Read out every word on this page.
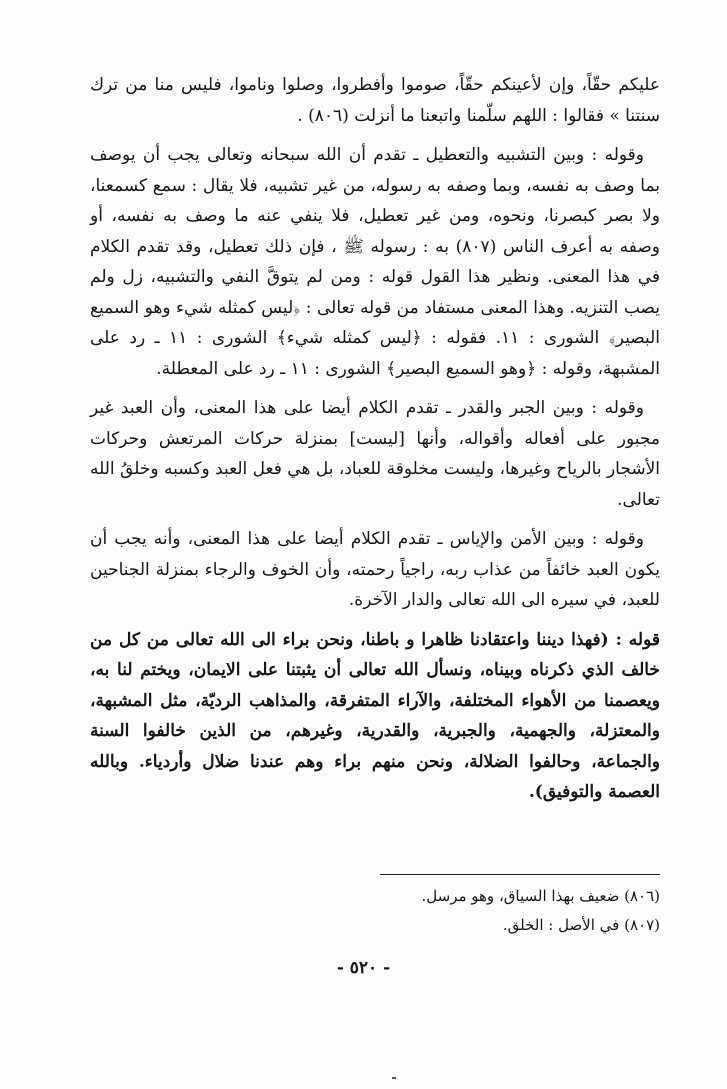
عليكم حقّاً، وإن لأعينكم حقّاً، صوموا وأفطروا، وصلوا وناموا، فليس منا من ترك سنتنا » فقالوا : اللهم سلّمنا واتبعنا ما أنزلت (٨٠٦) .

وقوله : وبين التشبيه والتعطيل ـ تقدم أن الله سبحانه وتعالى يجب أن يوصف بما وصف به نفسه، وبما وصفه به رسوله، من غير تشبيه، فلا يقال : سمع كسمعنا، ولا بصر كبصرنا، ونحوه، ومن غير تعطيل، فلا ينفي عنه ما وصف به نفسه، أو وصفه به أعرف الناس (٨٠٧) به : رسوله ﷺ ، فإن ذلك تعطيل، وقد تقدم الكلام في هذا المعنى. ونظير هذا القول قوله : ومن لم يتوقَّ النفي والتشبيه، زل ولم يصب التنزيه. وهذا المعنى مستفاد من قوله تعالى : ﴿ليس كمثله شيء وهو السميع البصير﴾ الشورى : ١١. فقوله : ﴿ليس كمثله شيء﴾ الشورى : ١١ ـ رد على المشبهة، وقوله : ﴿وهو السميع البصير﴾ الشورى : ١١ ـ رد على المعطلة.

وقوله : وبين الجبر والقدر ـ تقدم الكلام أيضا على هذا المعنى، وأن العبد غير مجبور على أفعاله وأقواله، وأنها [ليست] بمنزلة حركات المرتعش وحركات الأشجار بالرياح وغيرها، وليست مخلوقة للعباد، بل هي فعل العبد وكسبه وخلقُ الله تعالى.

وقوله : وبين الأمن والإياس ـ تقدم الكلام أيضا على هذا المعنى، وأنه يجب أن يكون العبد خائفاً من عذاب ربه، راجياً رحمته، وأن الخوف والرجاء بمنزلة الجناحين للعبد، في سيره الى الله تعالى والدار الآخرة.

قوله : (فهذا ديننا واعتقادنا ظاهرا و باطنا، ونحن براء الى الله تعالى من كل من خالف الذي ذكرناه وبيناه، ونسأل الله تعالى أن يثبتنا على الايمان، ويختم لنا به، ويعصمنا من الأهواء المختلفة، والآراء المتفرقة، والمذاهب الرديّة، مثل المشبهة، والمعتزلة، والجهمية، والجبرية، والقدرية، وغيرهم، من الذين خالفوا السنة والجماعة، وحالفوا الضلالة، ونحن منهم براء وهم عندنا ضلال وأردياء. وبالله العصمة والتوفيق).

(٨٠٦) ضعيف بهذا السياق، وهو مرسل.

(٨٠٧) في الأصل : الخلق.

- ٥٢٠ -
